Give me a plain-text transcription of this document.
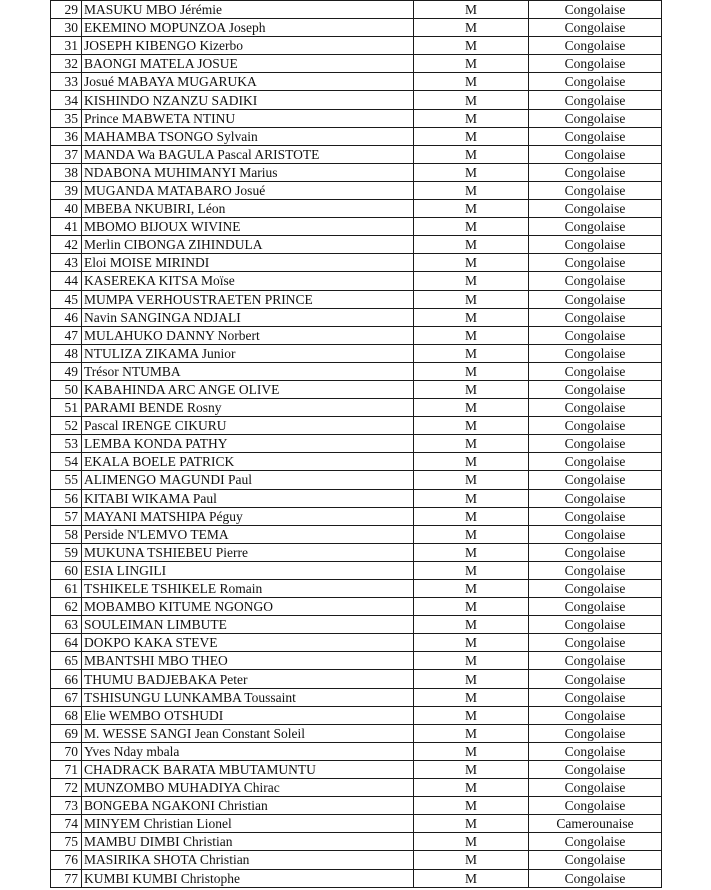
29	MASUKU MBO Jérémie	M	Congolaise
30	EKEMINO MOPUNZOA Joseph	M	Congolaise
31	JOSEPH KIBENGO Kizerbo	M	Congolaise
32	BAONGI MATELA JOSUE	M	Congolaise
33	Josué MABAYA MUGARUKA	M	Congolaise
34	KISHINDO NZANZU SADIKI	M	Congolaise
35	Prince MABWETA NTINU	M	Congolaise
36	MAHAMBA TSONGO Sylvain	M	Congolaise
37	MANDA Wa BAGULA Pascal ARISTOTE	M	Congolaise
38	NDABONA MUHIMANYI Marius	M	Congolaise
39	MUGANDA MATABARO Josué	M	Congolaise
40	MBEBA NKUBIRI, Léon	M	Congolaise
41	MBOMO BIJOUX WIVINE	M	Congolaise
42	Merlin CIBONGA ZIHINDULA	M	Congolaise
43	Eloi MOISE MIRINDI	M	Congolaise
44	KASEREKA KITSA Moïse	M	Congolaise
45	MUMPA VERHOUSTRAETEN PRINCE	M	Congolaise
46	Navin SANGINGA NDJALI	M	Congolaise
47	MULAHUKO DANNY Norbert	M	Congolaise
48	NTULIZA ZIKAMA Junior	M	Congolaise
49	Trésor NTUMBA	M	Congolaise
50	KABAHINDA ARC ANGE OLIVE	M	Congolaise
51	PARAMI BENDE Rosny	M	Congolaise
52	Pascal IRENGE CIKURU	M	Congolaise
53	LEMBA KONDA PATHY	M	Congolaise
54	EKALA BOELE PATRICK	M	Congolaise
55	ALIMENGO MAGUNDI Paul	M	Congolaise
56	KITABI WIKAMA Paul	M	Congolaise
57	MAYANI MATSHIPA Péguy	M	Congolaise
58	Perside N'LEMVO TEMA	M	Congolaise
59	MUKUNA TSHIEBEU Pierre	M	Congolaise
60	ESIA LINGILI	M	Congolaise
61	TSHIKELE TSHIKELE Romain	M	Congolaise
62	MOBAMBO KITUME NGONGO	M	Congolaise
63	SOULEIMAN LIMBUTE	M	Congolaise
64	DOKPO KAKA STEVE	M	Congolaise
65	MBANTSHI MBO THEO	M	Congolaise
66	THUMU BADJEBAKA Peter	M	Congolaise
67	TSHISUNGU LUNKAMBA Toussaint	M	Congolaise
68	Elie WEMBO OTSHUDI	M	Congolaise
69	M. WESSE SANGI Jean Constant Soleil	M	Congolaise
70	Yves Nday mbala	M	Congolaise
71	CHADRACK BARATA MBUTAMUNTU	M	Congolaise
72	MUNZOMBO MUHADIYA Chirac	M	Congolaise
73	BONGEBA NGAKONI Christian	M	Congolaise
74	MINYEM Christian Lionel	M	Camerounaise
75	MAMBU DIMBI Christian	M	Congolaise
76	MASIRIKA SHOTA Christian	M	Congolaise
77	KUMBI KUMBI Christophe	M	Congolaise
